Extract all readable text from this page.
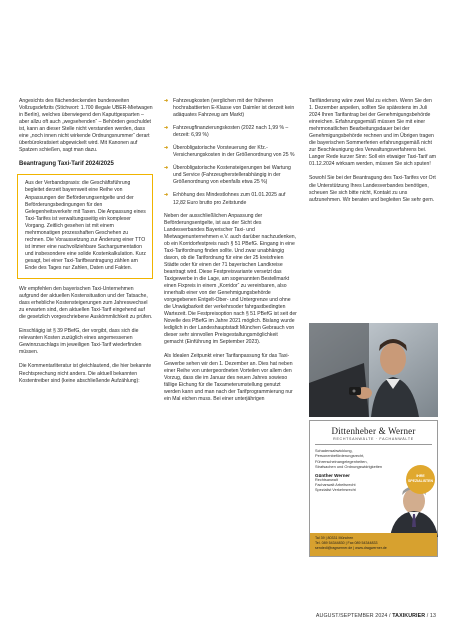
Angesichts des flächendeckenden bundesweiten Vollzugsdefizits (Stichwort: 1.700 illegale UBER-Mietwagen in Berlin), welches überwiegend den Kaputtgesparten – aber allzu oft auch „wegsehenden“ – Behörden geschuldet ist, kann an dieser Stelle nicht verstanden werden, dass eine „noch innen nicht wirkende Ordnungsnummer“ derart überbürokratisiert abgewickelt wird. Mit Kanonen auf Spatzen schießen, sagt man dazu.

Beantragung Taxi-Tarif 2024/2025

Aus der Verbandspraxis: die Geschäftsführung begleitet derzeit bayernweit eine Reihe von Anpassungen der Beförderungsentgelte und der Beförderungsbedingungen für den Gelegenheitsverkehr mit Taxen. Die Anpassung eines Taxi-Tarifes ist verwaltungsseitig ein komplexer Vorgang. Zeitlich gesehen ist mit einem mehrmonatigen prozesshaften Geschehen zu rechnen. Die Voraussetzung zur Änderung einer TTO ist immer eine nachvollziehbare Sachargumentation und insbesondere eine solide Kostenkalkulation. Kurz gesagt, bei einer Taxi-Tarifbeantragung zählen am Ende des Tages nur Zahlen, Daten und Fakten.

Wir empfehlen den bayerischen Taxi-Unternehmen aufgrund der aktuellen Kostensituation und der Tatsache, dass erhebliche Kostensteigerungen zum Jahreswechsel zu erwarten sind, den aktuellen Taxi-Tarif eingehend auf die gesetzlich vorgeschriebene Auskömmlichkeit zu prüfen.

Einschlägig ist § 39 PBefG, der vorgibt, dass sich die relevanten Kosten zuzüglich eines angemessenen Gewinnzuschlags im jeweiligen Taxi-Tarif wiederfinden müssen.

Die Kommentarliteratur ist gleichlautend, die hier bekannte Rechtsprechung nicht anders. Die aktuell bekannten Kostentreiber sind (keine abschließende Aufzählung):

➜ Fahrzeugkosten (verglichen mit der früheren hochrabattierten E-Klasse von Daimler ist derzeit kein adäquates Fahrzeug am Markt)
➜ Fahrzeugfinanzierungskosten (2022 nach 1,99 % – derzeit: 6,99 %)
➜ Überobligatorische Vorsteuerung der Kfz.-Versicherungskosten in der Größenordnung von 25 %
➜ Überobligatorische Kostensteigerungen bei Wartung und Service (Fahrzeugherstellerabhängig in der Größenordnung von ebenfalls etwa 25 %)
➜ Erhöhung des Mindestlohnes zum 01.01.2025 auf 12,82 Euro brutto pro Zeitstunde

Neben der ausschließlichen Anpassung der Beförderungsentgelte, ist aus der Sicht des Landesverbandes Bayerischer Taxi- und Mietwagenunternehmen e.V. auch darüber nachzudenken, ob ein Korridorfestpreis nach § 51 PBefG. Eingang in eine Taxi-Tarifordnung finden sollte. Und zwar unabhängig davon, ob die Tarifordnung für eine der 25 kreisfreien Städte oder für einen der 71 bayerischen Landkreise beantragt wird. Diese Festpreisvariante versetzt das Taxigewerbe in die Lage, am sogenannten Bestellmarkt einen Fixpreis in einem „Korridor“ zu vereinbaren, also innerhalb einer von der Genehmigungsbehörde vorgegebenen Entgelt-Ober- und Untergrenze und ohne die Unwägbarkeit der verkehrsoder fahrgastbedingten Wartezeit. Die Festpreisoption nach § 51 PBefG ist seit der Novelle des PBefG im Jahre 2021 möglich. Bislang wurde lediglich in der Landeshauptstadt München Gebrauch von dieser sehr sinnvollen Preisgestaltungsmöglichkeit gemacht (Einführung im September 2023).

Als Idealen Zeitpunkt einer Tarifanpassung für das Taxi-Gewerbe sehen wir den 1. Dezember an. Dies hat neben einer Reihe von untergeordneten Vorteilen vor allem den Vorzug, dass die im Januar des neuen Jahres sowieso fällige Eichung für die Taxameterumstellung genutzt werden kann und man nach der Tarifprogrammierung nur ein Mal eichen muss. Bei einer unterjährigen

Tarifänderung wäre zwei Mal zu eichen. Wenn Sie den 1. Dezember anpeilen, sollten Sie spätestens im Juli 2024 Ihren Tarifantrag bei der Genehmigungsbehörde einreichen. Erfahrungsgemäß müssen Sie mit einer mehrmonatlichen Bearbeitungsdauer bei der Genehmigungsbehörde rechnen und im Übrigen tragen die bayerischen Sommerferien erfahrungsgemäß nicht zur Beschleunigung des Verwaltungsverfahrens bei. Langer Rede kurzer Sinn: Soll ein etwaiger Taxi-Tarif am 01.12.2024 wirksam werden, müssen Sie sich sputen!

Sowohl Sie bei der Beantragung des Taxi-Tarifes vor Ort die Unterstützung Ihres Landesverbandes benötigen, scheuen Sie sich bitte nicht, Kontakt zu uns aufzunehmen. Wir beraten und begleiten Sie sehr gern.

Dittenheber & Werner
RECHTSANWÄLTE · FACHANWÄLTE
Schadensabwicklung, Personenbeförderungsrecht, Führerscheinangelegenheiten, Strafsachen und Ordnungswidrigkeiten
Günther Werner
Rechtsanwalt
Fachanwalt Arbeitsrecht
Spezialist Verkehrsrecht
IHRE SPEZIALISTEN
Tal 39 | 80331 München
Tel. 089 54344830 | Fax 089 54344833
sendedi@ragwerner.de | www.dragwerner.de
AUGUST/SEPTEMBER 2024 / TAXIKURIER / 13
